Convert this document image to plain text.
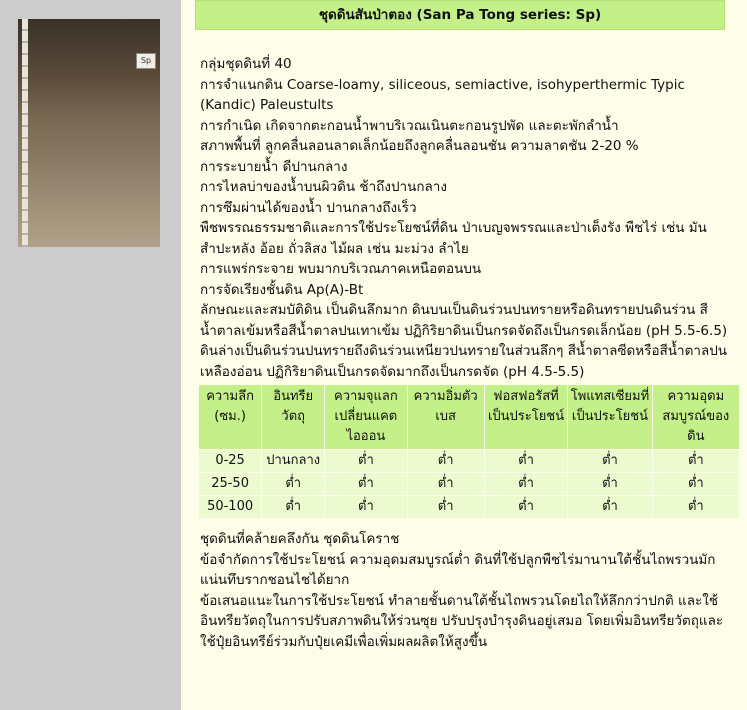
Sp
ชุดดินสันป่าตอง (San Pa Tong series: Sp)

กลุ่มชุดดินที่ 40

การจำแนกดิน Coarse-loamy, siliceous, semiactive, isohyperthermic Typic (Kandic) Paleustults

การกำเนิด เกิดจากตะกอนน้ำพาบริเวณเนินตะกอนรูปพัด และตะพักลำน้ำ

สภาพพื้นที่ ลูกคลื่นลอนลาดเล็กน้อยถึงลูกคลื่นลอนชัน ความลาดชัน 2-20 %

การระบายน้ำ ดีปานกลาง

การไหลบ่าของน้ำบนผิวดิน ช้าถึงปานกลาง

การซึมผ่านได้ของน้ำ ปานกลางถึงเร็ว

พืชพรรณธรรมชาติและการใช้ประโยชน์ที่ดิน ป่าเบญจพรรณและป่าเต็งรัง พืชไร่ เช่น มันสำปะหลัง อ้อย ถั่วลิสง ไม้ผล เช่น มะม่วง ลำไย

การแพร่กระจาย พบมากบริเวณภาคเหนือตอนบน

การจัดเรียงชั้นดิน Ap(A)-Bt

ลักษณะและสมบัติดิน เป็นดินลึกมาก ดินบนเป็นดินร่วนปนทรายหรือดินทรายปนดินร่วน สีน้ำตาลเข้มหรือสีน้ำตาลปนเทาเข้ม ปฏิกิริยาดินเป็นกรดจัดถึงเป็นกรดเล็กน้อย (pH 5.5-6.5) ดินล่างเป็นดินร่วนปนทรายถึงดินร่วนเหนียวปนทรายในส่วนลึกๆ สีน้ำตาลซีดหรือสีน้ำตาลปนเหลืองอ่อน ปฏิกิริยาดินเป็นกรดจัดมากถึงเป็นกรดจัด (pH 4.5-5.5)

ความลึก (ซม.)	อินทรีย วัตถุ	ความจุแลกเปลี่ยนแคตไอออน	ความอิ่มตัวเบส	ฟอสฟอรัสที่เป็นประโยชน์	โพแทสเซียมที่เป็นประโยชน์	ความอุดมสมบูรณ์ของดิน
0-25	ปานกลาง	ต่ำ	ต่ำ	ต่ำ	ต่ำ	ต่ำ
25-50	ต่ำ	ต่ำ	ต่ำ	ต่ำ	ต่ำ	ต่ำ
50-100	ต่ำ	ต่ำ	ต่ำ	ต่ำ	ต่ำ	ต่ำ

ชุดดินที่คล้ายคลึงกัน ชุดดินโคราช

ข้อจำกัดการใช้ประโยชน์ ความอุดมสมบูรณ์ต่ำ ดินที่ใช้ปลูกพืชไร่มานานใต้ชั้นไถพรวนมักแน่นทึบรากชอนไชได้ยาก

ข้อเสนอแนะในการใช้ประโยชน์ ทำลายชั้นดานใต้ชั้นไถพรวนโดยไถให้ลึกกว่าปกติ และใช้อินทรียวัตถุในการปรับสภาพดินให้ร่วนซุย ปรับปรุงบำรุงดินอยู่เสมอ โดยเพิ่มอินทรียวัตถุและใช้ปุ๋ยอินทรีย์ร่วมกับปุ๋ยเคมีเพื่อเพิ่มผลผลิตให้สูงขึ้น
